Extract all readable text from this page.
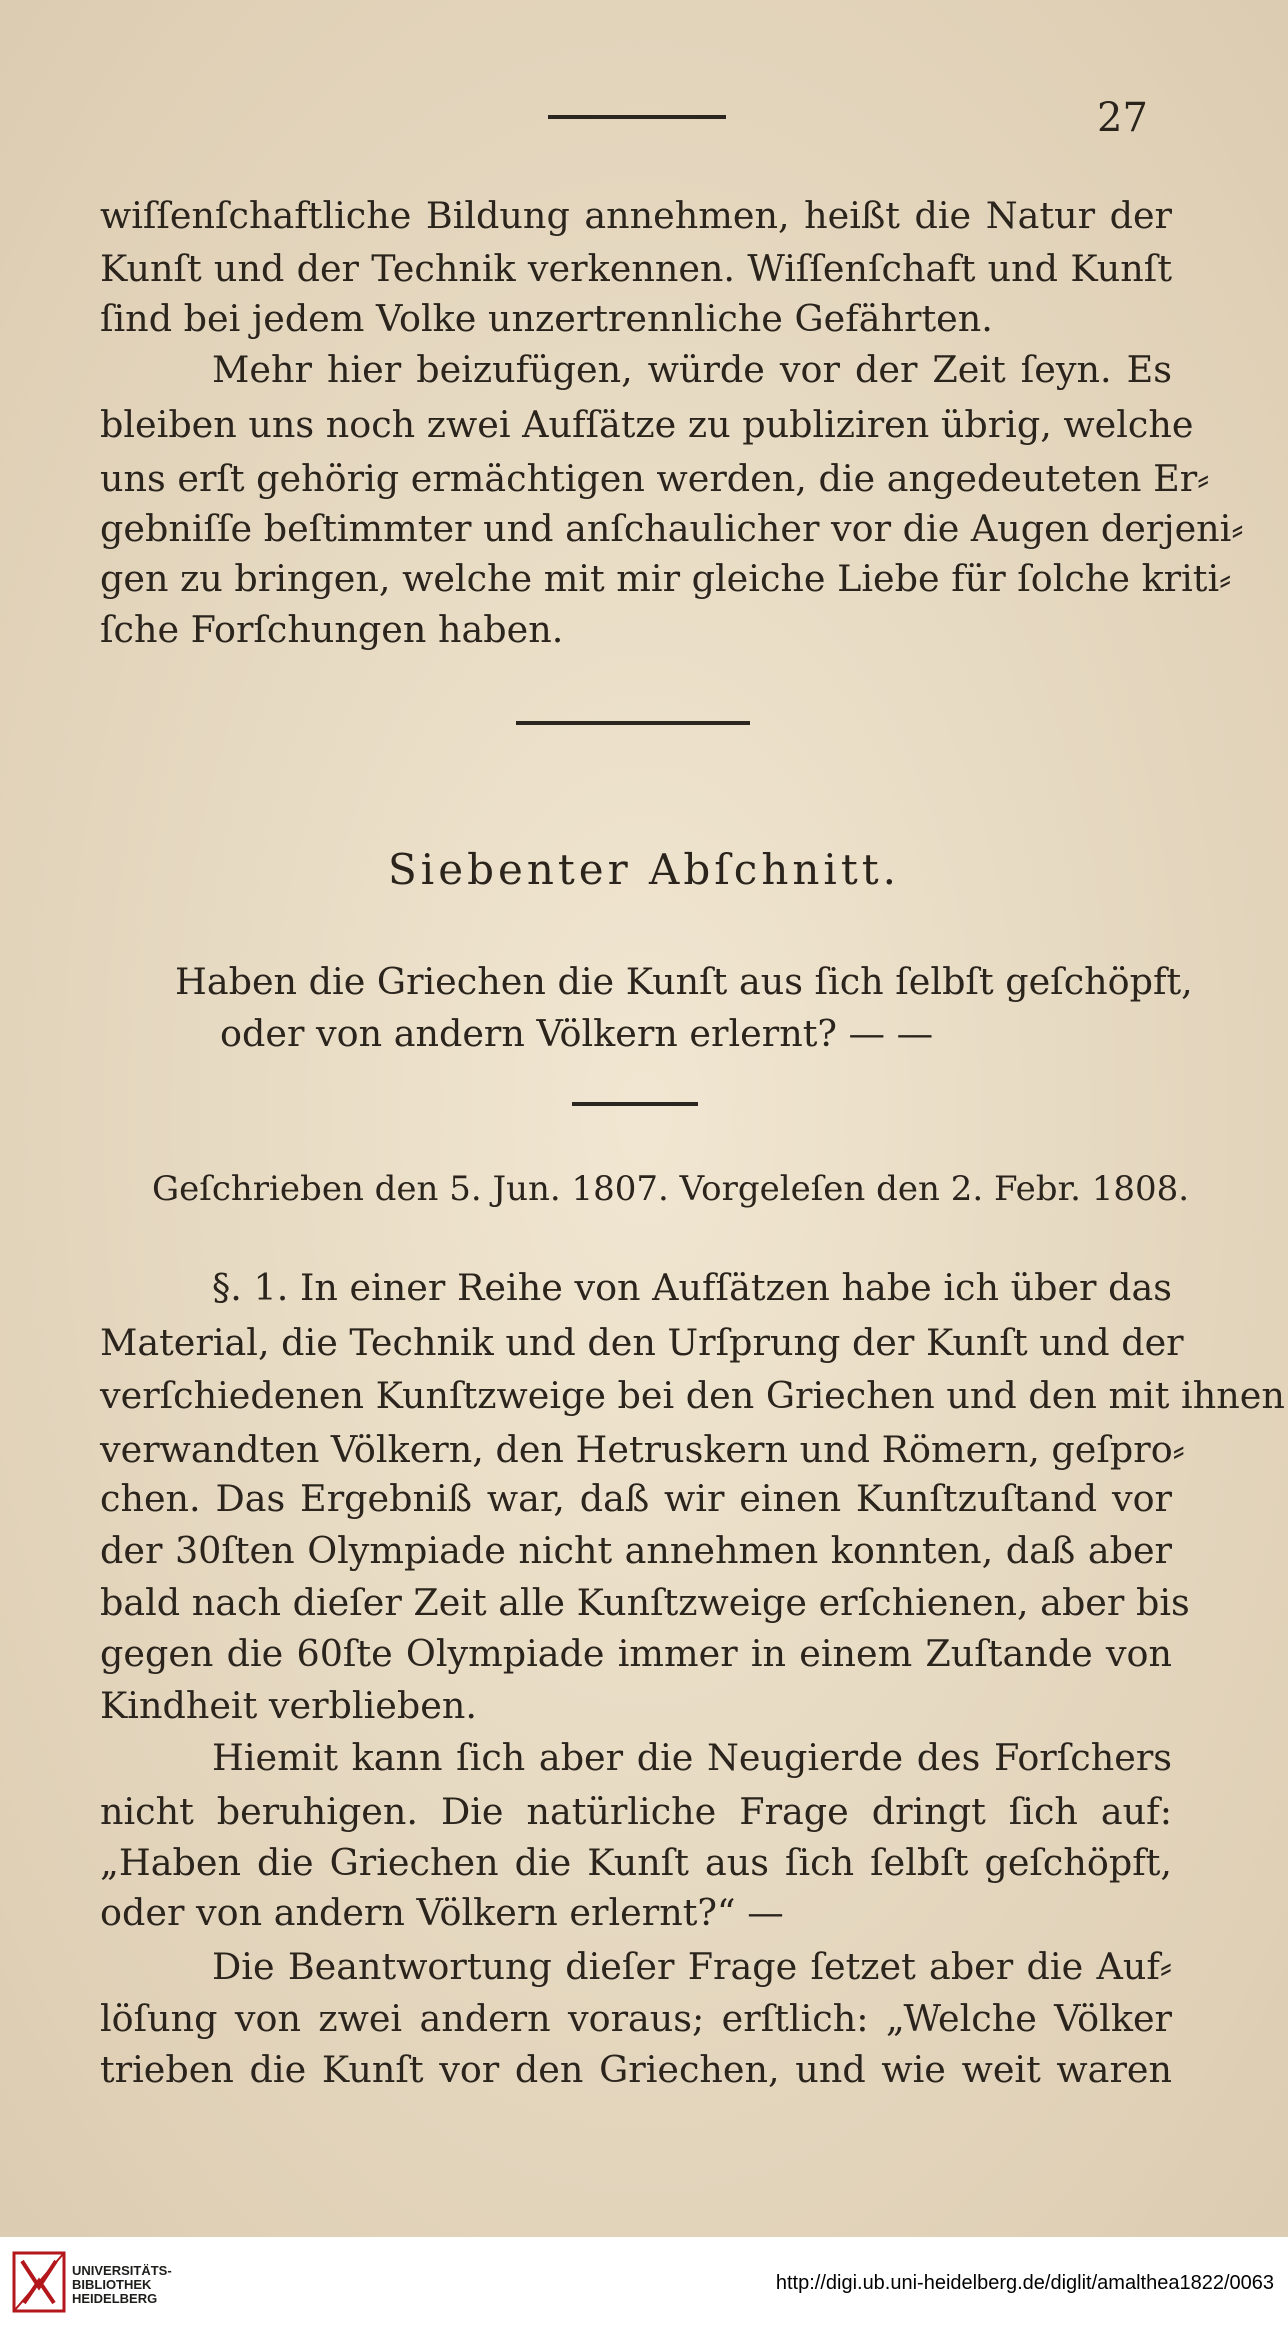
27
wiſſenſchaftliche Bildung annehmen, heißt die Natur der
Kunſt und der Technik verkennen. Wiſſenſchaft und Kunſt
ſind bei jedem Volke unzertrennliche Gefährten.
Mehr hier beizufügen, würde vor der Zeit ſeyn. Es
bleiben uns noch zwei Aufſätze zu publiziren übrig, welche
uns erſt gehörig ermächtigen werden, die angedeuteten Er⸗
gebniſſe beſtimmter und anſchaulicher vor die Augen derjeni⸗
gen zu bringen, welche mit mir gleiche Liebe für ſolche kriti⸗
ſche Forſchungen haben.
Siebenter Abſchnitt.
Haben die Griechen die Kunſt aus ſich ſelbſt geſchöpft,
oder von andern Völkern erlernt? — —
Geſchrieben den 5. Jun. 1807. Vorgeleſen den 2. Febr. 1808.
§. 1. In einer Reihe von Aufſätzen habe ich über das
Material, die Technik und den Urſprung der Kunſt und der
verſchiedenen Kunſtzweige bei den Griechen und den mit ihnen
verwandten Völkern, den Hetruskern und Römern, geſpro⸗
chen. Das Ergebniß war, daß wir einen Kunſtzuſtand vor
der 30ſten Olympiade nicht annehmen konnten, daß aber
bald nach dieſer Zeit alle Kunſtzweige erſchienen, aber bis
gegen die 60ſte Olympiade immer in einem Zuſtande von
Kindheit verblieben.
Hiemit kann ſich aber die Neugierde des Forſchers
nicht beruhigen. Die natürliche Frage dringt ſich auf:
„Haben die Griechen die Kunſt aus ſich ſelbſt geſchöpft,
oder von andern Völkern erlernt?“ —
Die Beantwortung dieſer Frage ſetzet aber die Auf⸗
löſung von zwei andern voraus; erſtlich: „Welche Völker
trieben die Kunſt vor den Griechen, und wie weit waren
UNIVERSITÄTS-
BIBLIOTHEK
HEIDELBERG
http://digi.ub.uni-heidelberg.de/diglit/amalthea1822/0063
